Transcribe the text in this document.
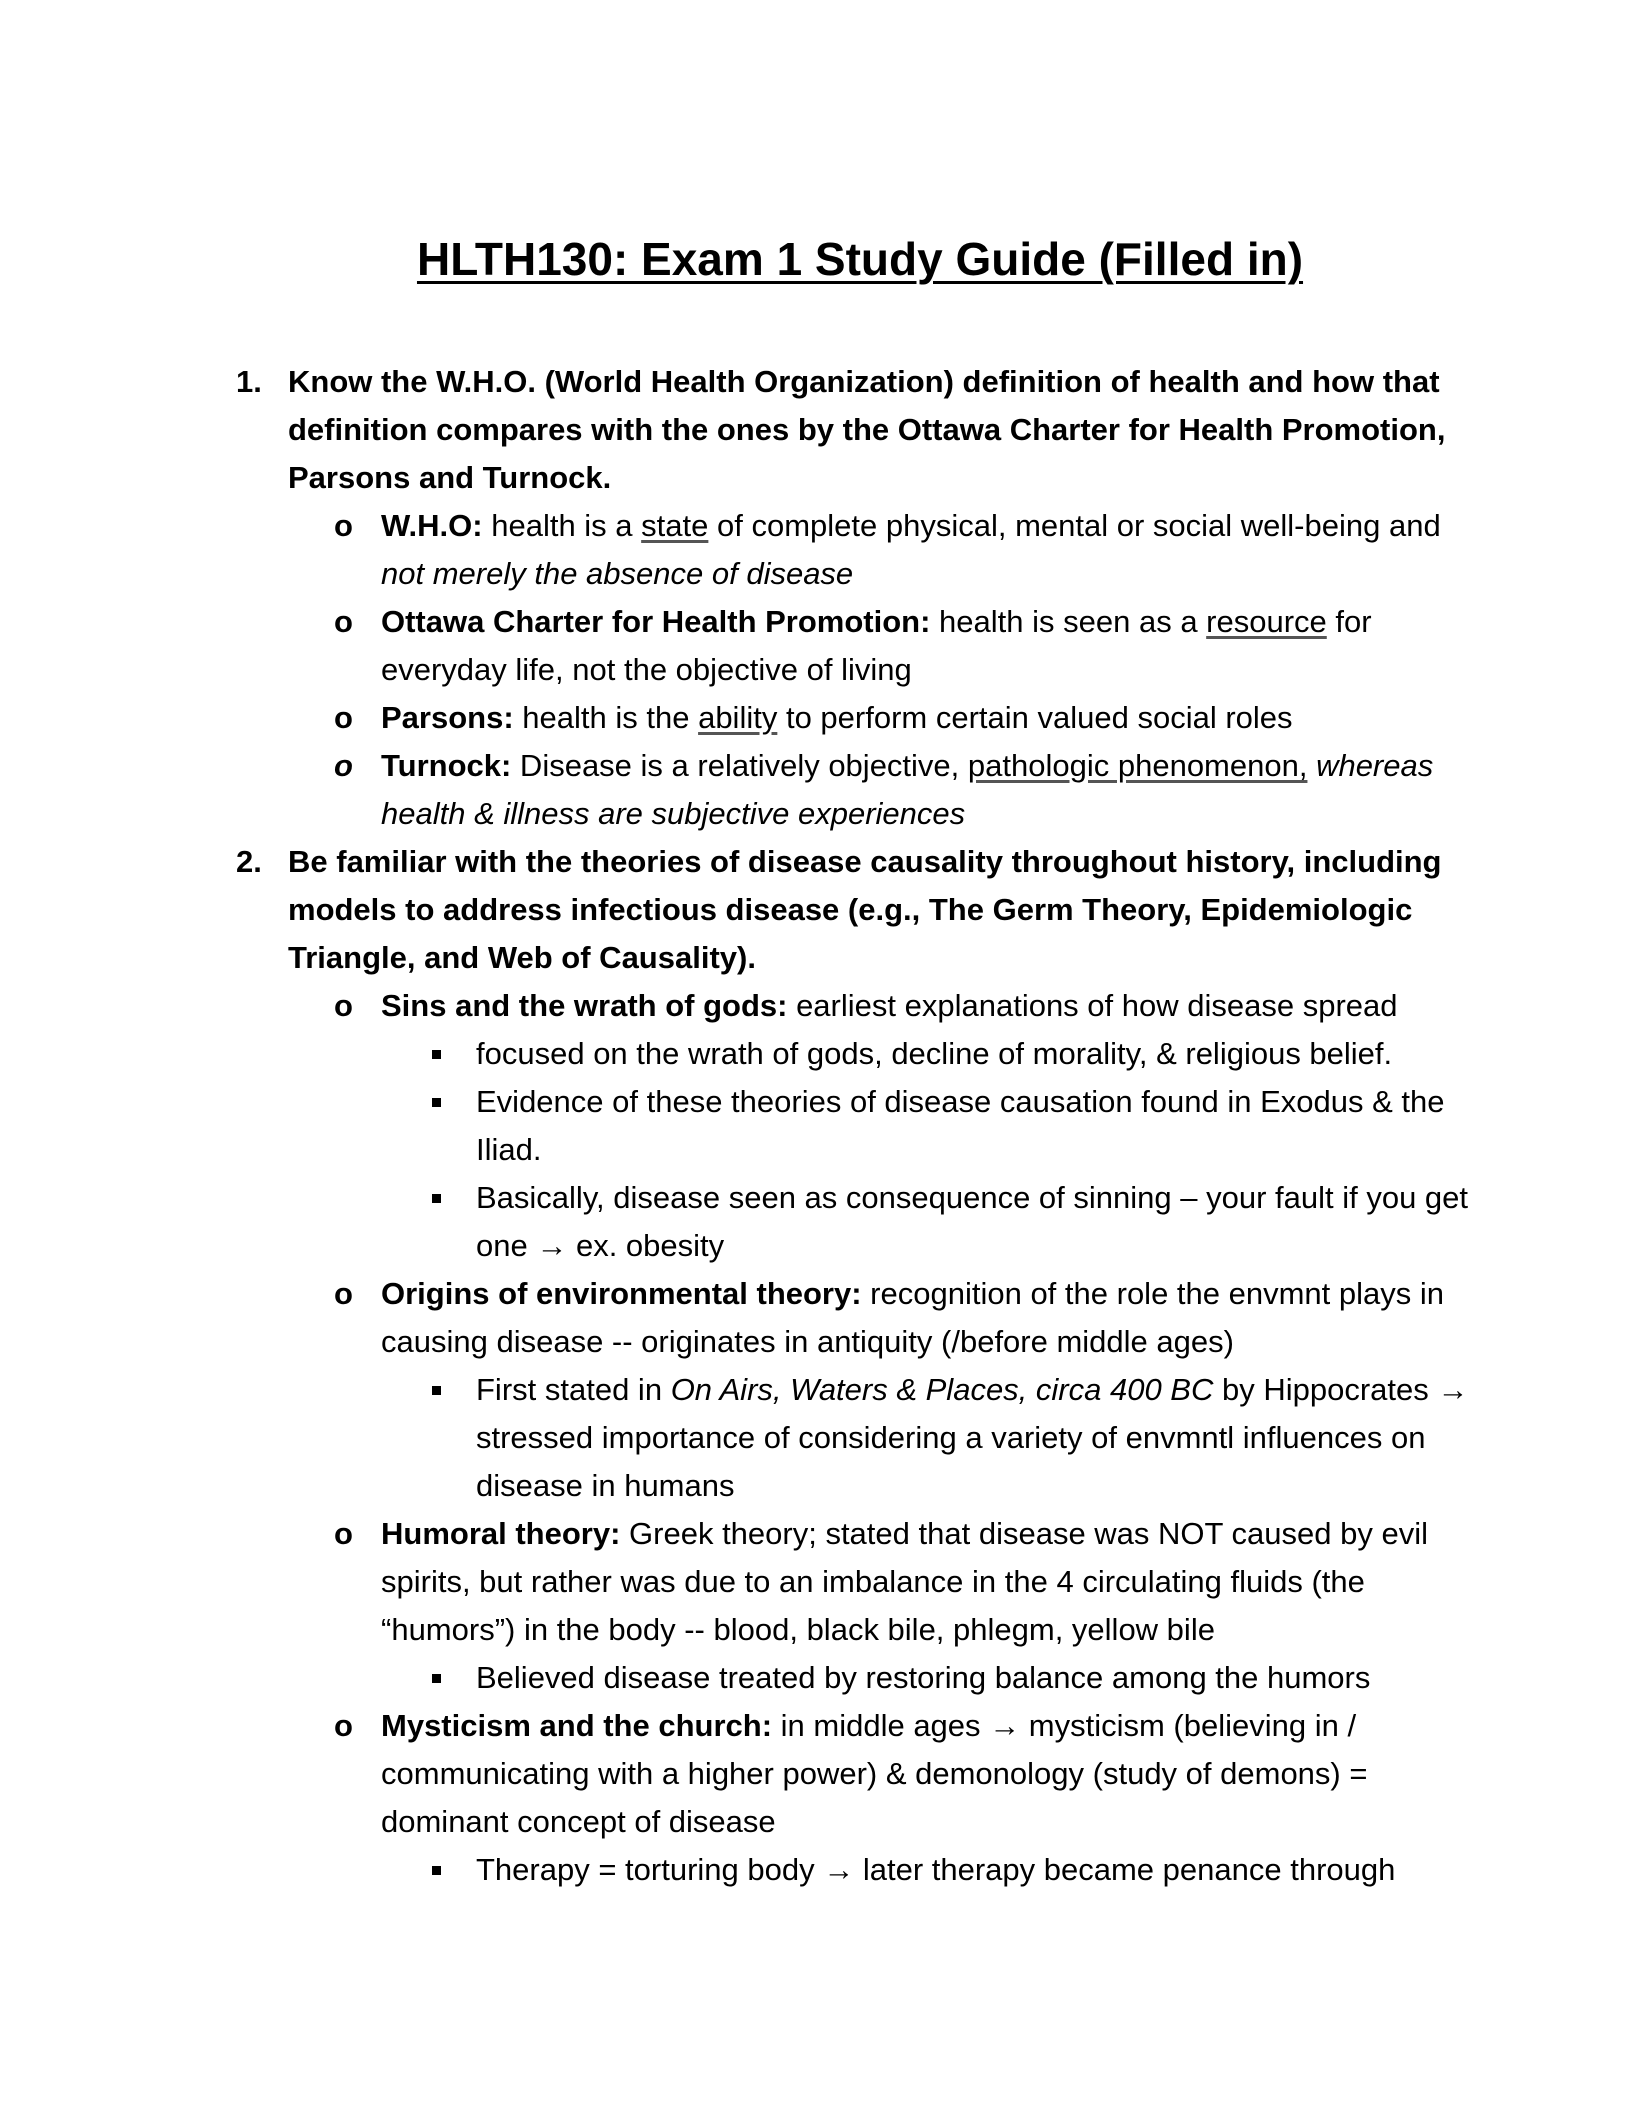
HLTH130: Exam 1 Study Guide (Filled in)
1. Know the W.H.O. (World Health Organization) definition of health and how that definition compares with the ones by the Ottawa Charter for Health Promotion, Parsons and Turnock.
o W.H.O: health is a state of complete physical, mental or social well-being and not merely the absence of disease
o Ottawa Charter for Health Promotion: health is seen as a resource for everyday life, not the objective of living
o Parsons: health is the ability to perform certain valued social roles
o Turnock: Disease is a relatively objective, pathologic phenomenon, whereas health & illness are subjective experiences
2. Be familiar with the theories of disease causality throughout history, including models to address infectious disease (e.g., The Germ Theory, Epidemiologic Triangle, and Web of Causality).
o Sins and the wrath of gods: earliest explanations of how disease spread
focused on the wrath of gods, decline of morality, & religious belief.
Evidence of these theories of disease causation found in Exodus & the Iliad.
Basically, disease seen as consequence of sinning – your fault if you get one → ex. obesity
o Origins of environmental theory: recognition of the role the envmnt plays in causing disease -- originates in antiquity (/before middle ages)
First stated in On Airs, Waters & Places, circa 400 BC by Hippocrates → stressed importance of considering a variety of envmntl influences on disease in humans
o Humoral theory: Greek theory; stated that disease was NOT caused by evil spirits, but rather was due to an imbalance in the 4 circulating fluids (the “humors”) in the body -- blood, black bile, phlegm, yellow bile
Believed disease treated by restoring balance among the humors
o Mysticism and the church: in middle ages → mysticism (believing in / communicating with a higher power) & demonology (study of demons) = dominant concept of disease
Therapy = torturing body → later therapy became penance through
